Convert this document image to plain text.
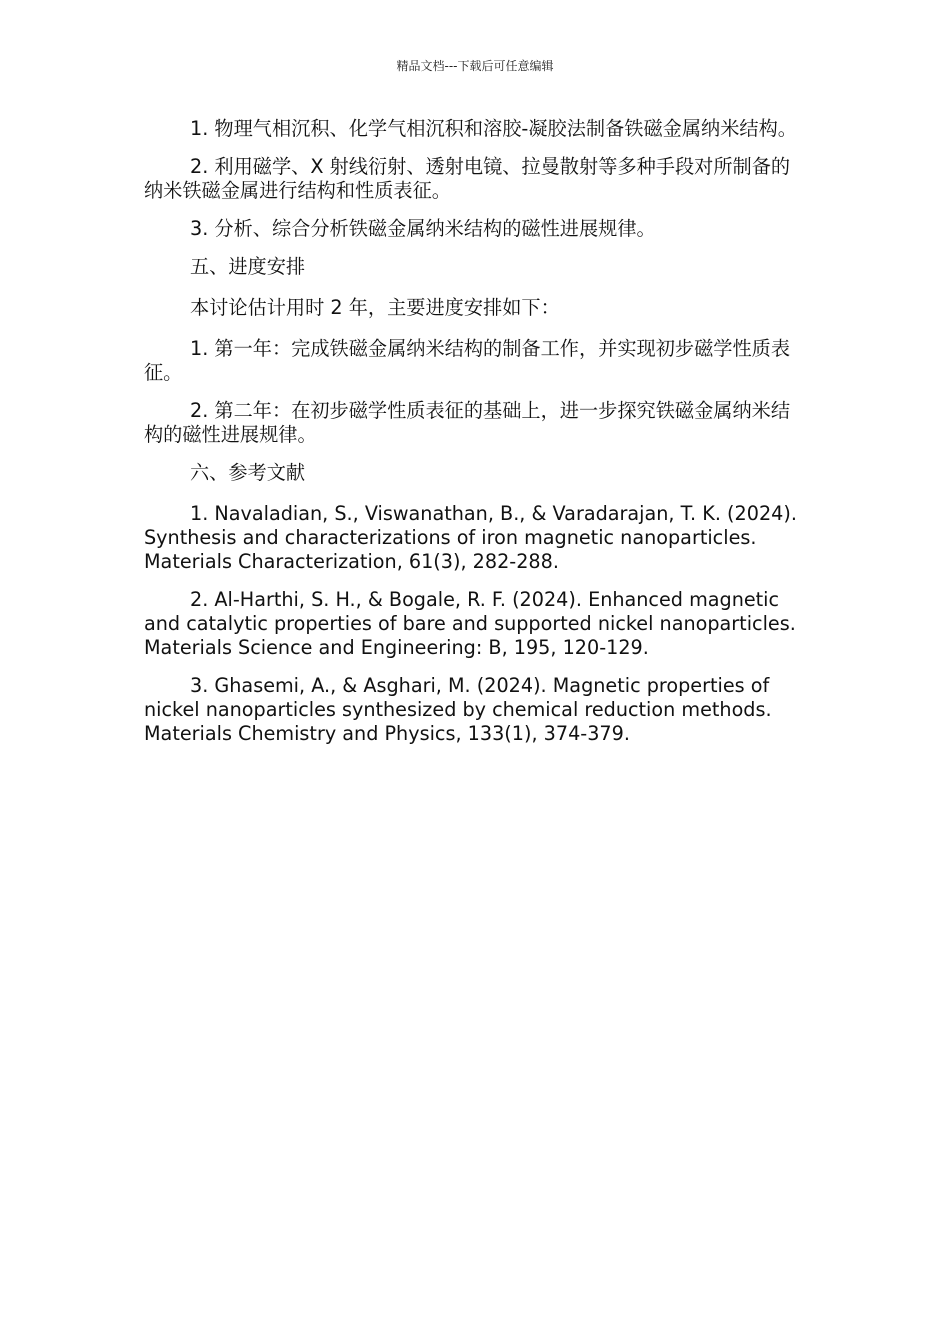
精品文档---下载后可任意编辑

1. 物理气相沉积、化学气相沉积和溶胶-凝胶法制备铁磁金属纳米结构。

2. 利用磁学、X 射线衍射、透射电镜、拉曼散射等多种手段对所制备的纳米铁磁金属进行结构和性质表征。

3. 分析、综合分析铁磁金属纳米结构的磁性进展规律。

五、进度安排

本讨论估计用时 2 年，主要进度安排如下：

1. 第一年：完成铁磁金属纳米结构的制备工作，并实现初步磁学性质表征。

2. 第二年：在初步磁学性质表征的基础上，进一步探究铁磁金属纳米结构的磁性进展规律。

六、参考文献

1. Navaladian, S., Viswanathan, B., & Varadarajan, T. K. (2024). Synthesis and characterizations of iron magnetic nanoparticles. Materials Characterization, 61(3), 282-288.

2. Al-Harthi, S. H., & Bogale, R. F. (2024). Enhanced magnetic and catalytic properties of bare and supported nickel nanoparticles. Materials Science and Engineering: B, 195, 120-129.

3. Ghasemi, A., & Asghari, M. (2024). Magnetic properties of nickel nanoparticles synthesized by chemical reduction methods. Materials Chemistry and Physics, 133(1), 374-379.
